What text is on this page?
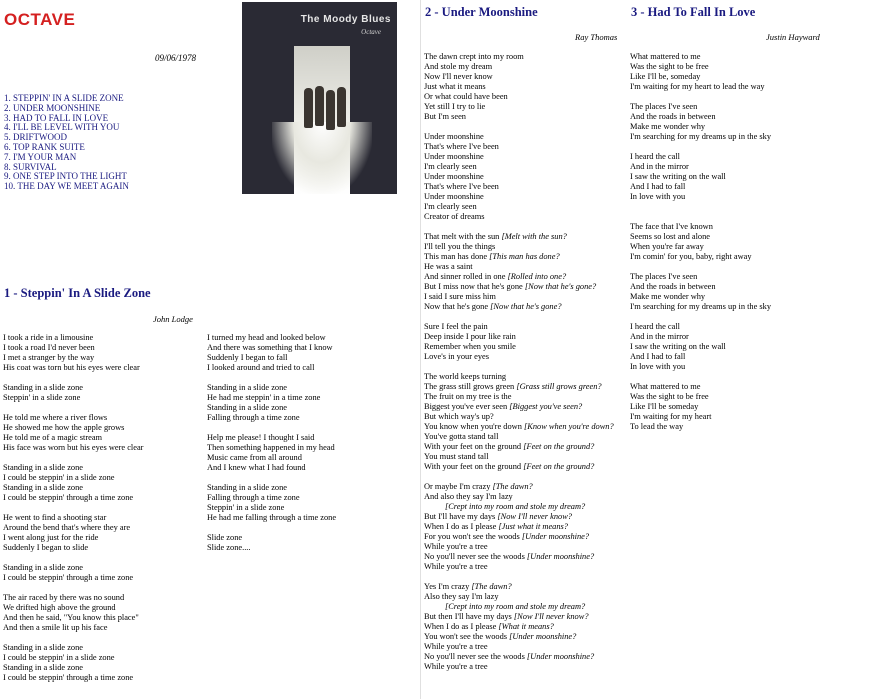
OCTAVE
09/06/1978
1. STEPPIN' IN A SLIDE ZONE
2. UNDER MOONSHINE
3. HAD TO FALL IN LOVE
4. I'LL BE LEVEL WITH YOU
5. DRIFTWOOD
6. TOP RANK SUITE
7. I'M YOUR MAN
8. SURVIVAL
9. ONE STEP INTO THE LIGHT
10. THE DAY WE MEET AGAIN
The Moody Blues
Octave
1 - Steppin' In A Slide Zone
John Lodge
I took a ride in a limousine
I took a road I'd never been
I met a stranger by the way
His coat was torn but his eyes were clear

Standing in a slide zone
Steppin' in a slide zone

He told me where a river flows
He showed me how the apple grows
He told me of a magic stream
His face was worn but his eyes were clear

Standing in a slide zone
I could be steppin' in a slide zone
Standing in a slide zone
I could be steppin' through a time zone

He went to find a shooting star
Around the bend that's where they are
I went along just for the ride
Suddenly I began to slide

Standing in a slide zone
I could be steppin' through a time zone

The air raced by there was no sound
We drifted high above the ground
And then he said, "You know this place"
And then a smile lit up his face

Standing in a slide zone
I could be steppin' in a slide zone
Standing in a slide zone
I could be steppin' through a time zone
I turned my head and looked below
And there was something that I know
Suddenly I began to fall
I looked around and tried to call

Standing in a slide zone
He had me steppin' in a time zone
Standing in a slide zone
Falling through a time zone

Help me please! I thought I said
Then something happened in my head
Music came from all around
And I knew what I had found

Standing in a slide zone
Falling through a time zone
Steppin' in a slide zone
He had me falling through a time zone

Slide zone
Slide zone....
2 - Under Moonshine
Ray Thomas
The dawn crept into my room
And stole my dream
Now I'll never know
Just what it means
Or what could have been
Yet still I try to lie
But I'm seen

Under moonshine
That's where I've been
Under moonshine
I'm clearly seen
Under moonshine
That's where I've been
Under moonshine
I'm clearly seen
Creator of dreams

That melt with the sun [Melt with the sun?
I'll tell you the things
This man has done [This man has done?
He was a saint
And sinner rolled in one [Rolled into one?
But I miss now that he's gone [Now that he's gone?
I said I sure miss him
Now that he's gone [Now that he's gone?

Sure I feel the pain
Deep inside I pour like rain
Remember when you smile
Love's in your eyes

The world keeps turning
The grass still grows green [Grass still grows green?
The fruit on my tree is the
Biggest you've ever seen [Biggest you've seen?
But which way's up?
You know when you're down [Know when you're down?
You've gotta stand tall
With your feet on the ground [Feet on the ground?
You must stand tall
With your feet on the ground [Feet on the ground?

Or maybe I'm crazy [The dawn?
And also they say I'm lazy
[Crept into my room and stole my dream?
But I'll have my days [Now I'll never know?
When I do as I please [Just what it means?
For you won't see the woods [Under moonshine?
While you're a tree
No you'll never see the woods [Under moonshine?
While you're a tree

Yes I'm crazy [The dawn?
Also they say I'm lazy
[Crept into my room and stole my dream?
But then I'll have my days [Now I'll never know?
When I do as I please [What it means?
You won't see the woods [Under moonshine?
While you're a tree
No you'll never see the woods [Under moonshine?
While you're a tree
3 - Had To Fall In Love
Justin Hayward
What mattered to me
Was the sight to be free
Like I'll be, someday
I'm waiting for my heart to lead the way

The places I've seen
And the roads in between
Make me wonder why
I'm searching for my dreams up in the sky

I heard the call
And in the mirror
I saw the writing on the wall
And I had to fall
In love with you

The face that I've known
Seems so lost and alone
When you're far away
I'm comin' for you, baby, right away

The places I've seen
And the roads in between
Make me wonder why
I'm searching for my dreams up in the sky

I heard the call
And in the mirror
I saw the writing on the wall
And I had to fall
In love with you

What mattered to me
Was the sight to be free
Like I'll be someday
I'm waiting for my heart
To lead the way
